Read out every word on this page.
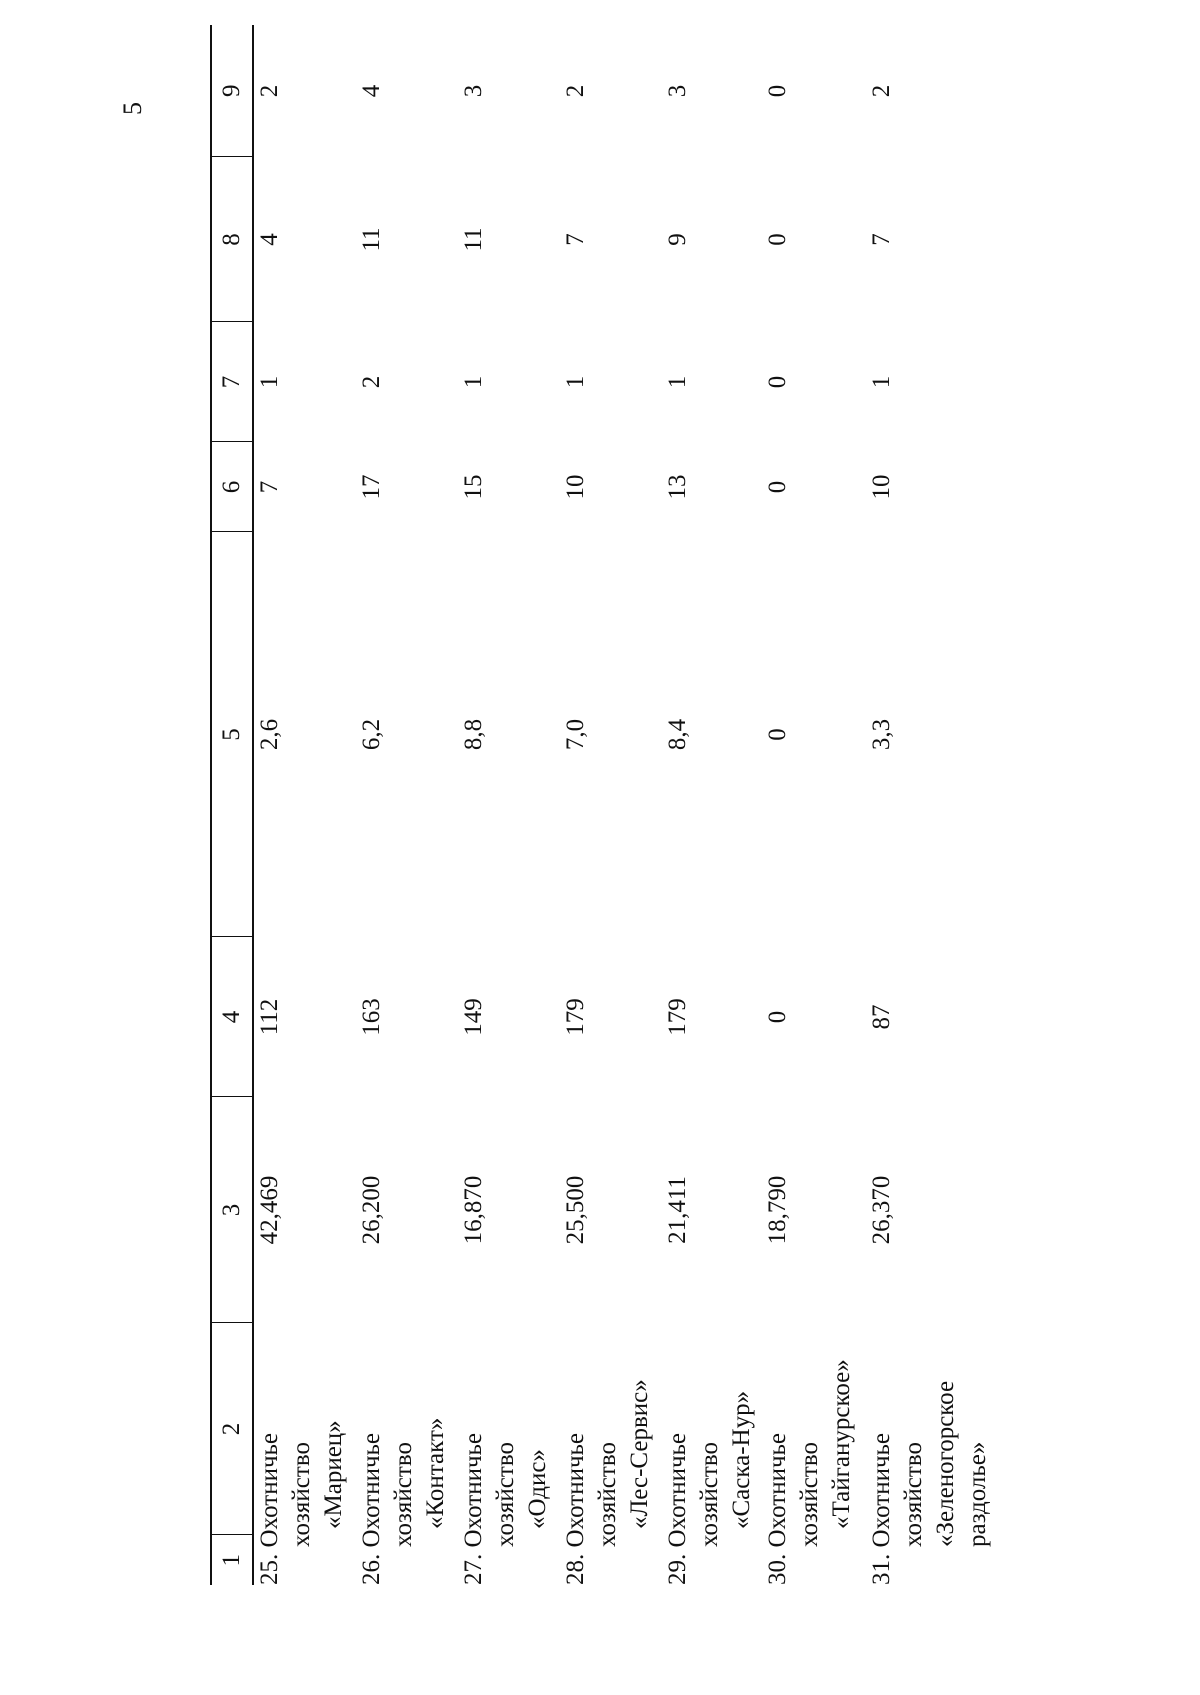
5
1	2	3	4	5	6	7	8	9

25. Охотничье хозяйство «Мариец»		42,469	112	2,6	7	1	4	2

26. Охотничье хозяйство «Контакт»		26,200	163	6,2	17	2	11	4

27. Охотничье хозяйство «Одис»		16,870	149	8,8	15	1	11	3

28. Охотничье хозяйство «Лес-Сервис»		25,500	179	7,0	10	1	7	2

29. Охотничье хозяйство «Саска-Нур»		21,411	179	8,4	13	1	9	3

30. Охотничье хозяйство «Тайганурское»		18,790	0	0	0	0	0	0

31. Охотничье хозяйство «Зеленогорское раздолье»		26,370	87	3,3	10	1	7	2
